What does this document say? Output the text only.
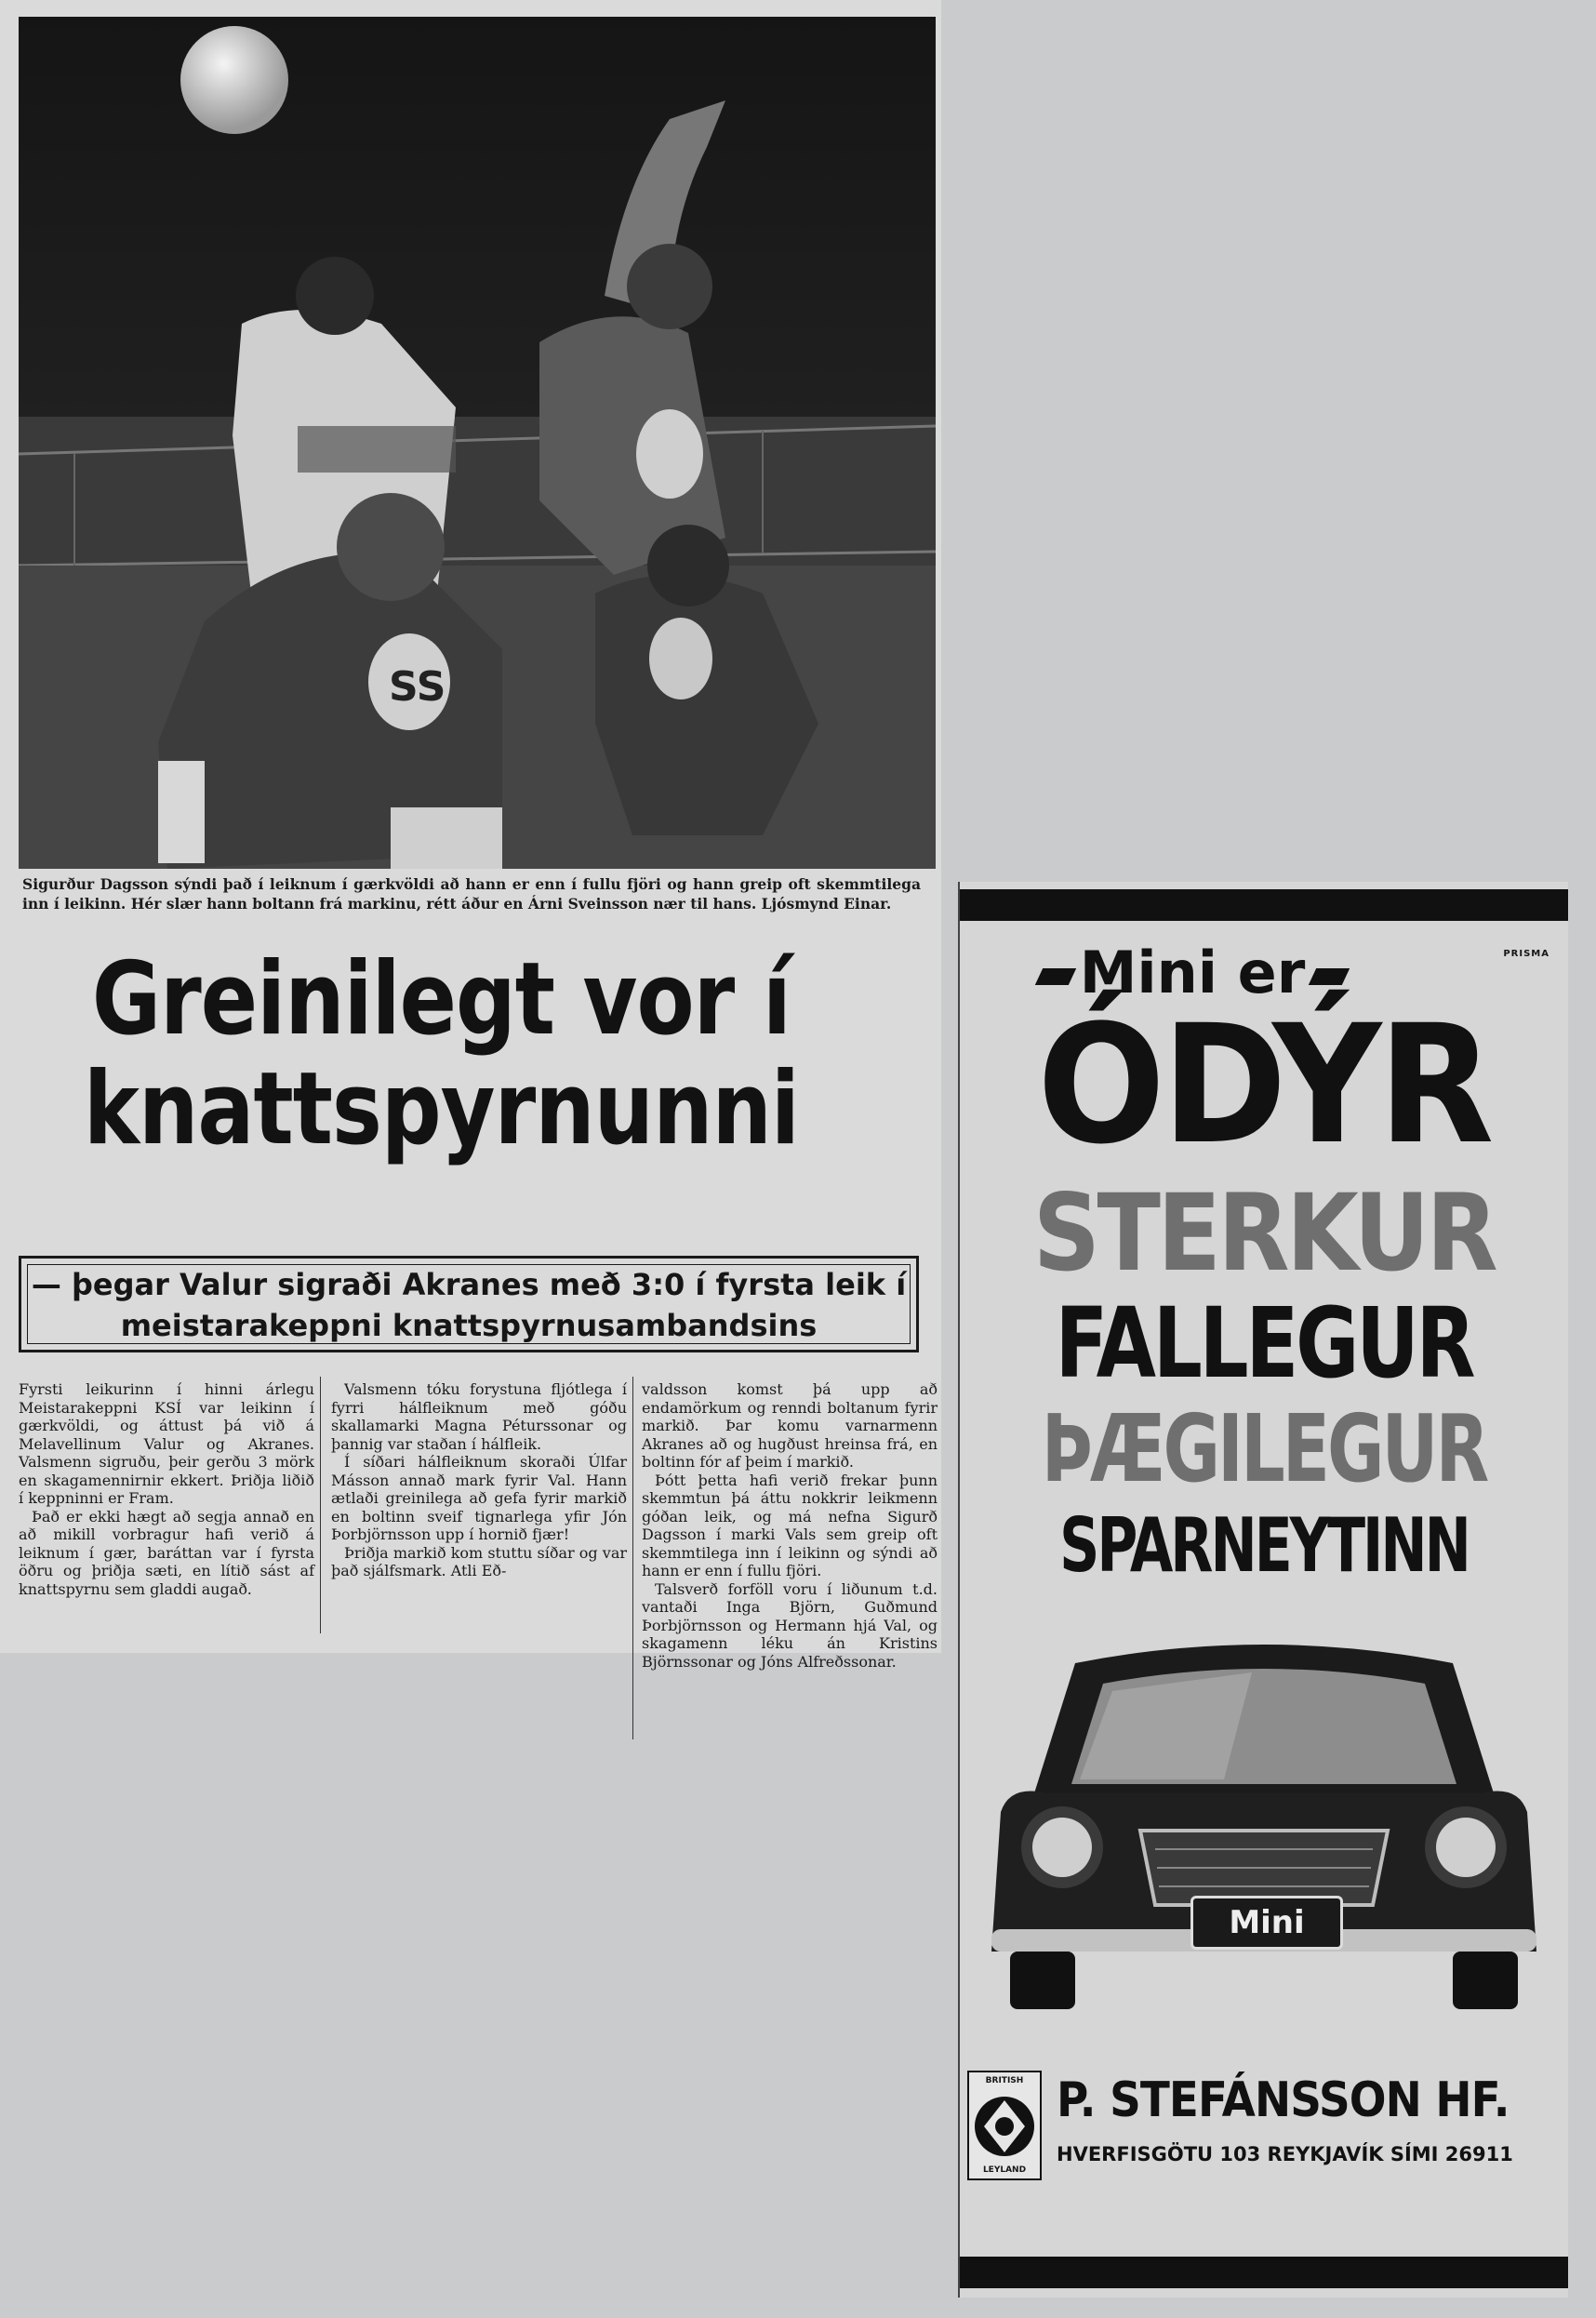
SS
Sigurður Dagsson sýndi það í leiknum í gærkvöldi að hann er enn í fullu fjöri og hann greip oft skemmtilega inn í leikinn. Hér slær hann boltann frá markinu, rétt áður en Árni Sveinsson nær til hans. Ljósmynd Einar.
Greinilegt vor í
knattspyrnunni
— þegar Valur sigraði Akranes með 3:0 í fyrsta leik í
meistarakeppni knattspyrnusambandsins

Fyrsti leikurinn í hinni árlegu Meistarakeppni KSÍ var leikinn í gærkvöldi, og áttust þá við á Melavellinum Valur og Akranes. Valsmenn sigruðu, þeir gerðu 3 mörk en skagamennirnir ekkert. Þriðja liðið í keppninni er Fram.

Það er ekki hægt að segja annað en að mikill vorbragur hafi verið á leiknum í gær, baráttan var í fyrsta öðru og þriðja sæti, en lítið sást af knattspyrnu sem gladdi augað.

Valsmenn tóku forystuna fljótlega í fyrri hálfleiknum með góðu skallamarki Magna Péturssonar og þannig var staðan í hálfleik.

Í síðari hálfleiknum skoraði Úlfar Másson annað mark fyrir Val. Hann ætlaði greinilega að gefa fyrir markið en boltinn sveif tignarlega yfir Jón Þorbjörnsson upp í hornið fjær!

Þriðja markið kom stuttu síðar og var það sjálfsmark. Atli Eð-

valdsson komst þá upp að endamörkum og renndi boltanum fyrir markið. Þar komu varnarmenn Akranes að og hugðust hreinsa frá, en boltinn fór af þeim í markið.

Þótt þetta hafi verið frekar þunn skemmtun þá áttu nokkrir leikmenn góðan leik, og má nefna Sigurð Dagsson í marki Vals sem greip oft skemmtilega inn í leikinn og sýndi að hann er enn í fullu fjöri.

Talsverð forföll voru í liðunum t.d. vantaði Inga Björn, Guðmund Þorbjörnsson og Hermann hjá Val, og skagamenn léku án Kristins Björnssonar og Jóns Alfreðssonar.

PRISMA
Mini er
ÓDÝR
STERKUR
FALLEGUR
ÞÆGILEGUR
SPARNEYTINN
Mini
BRITISH
LEYLAND
P. STEFÁNSSON HF.
HVERFISGÖTU 103 REYKJAVÍK SÍMI 26911
